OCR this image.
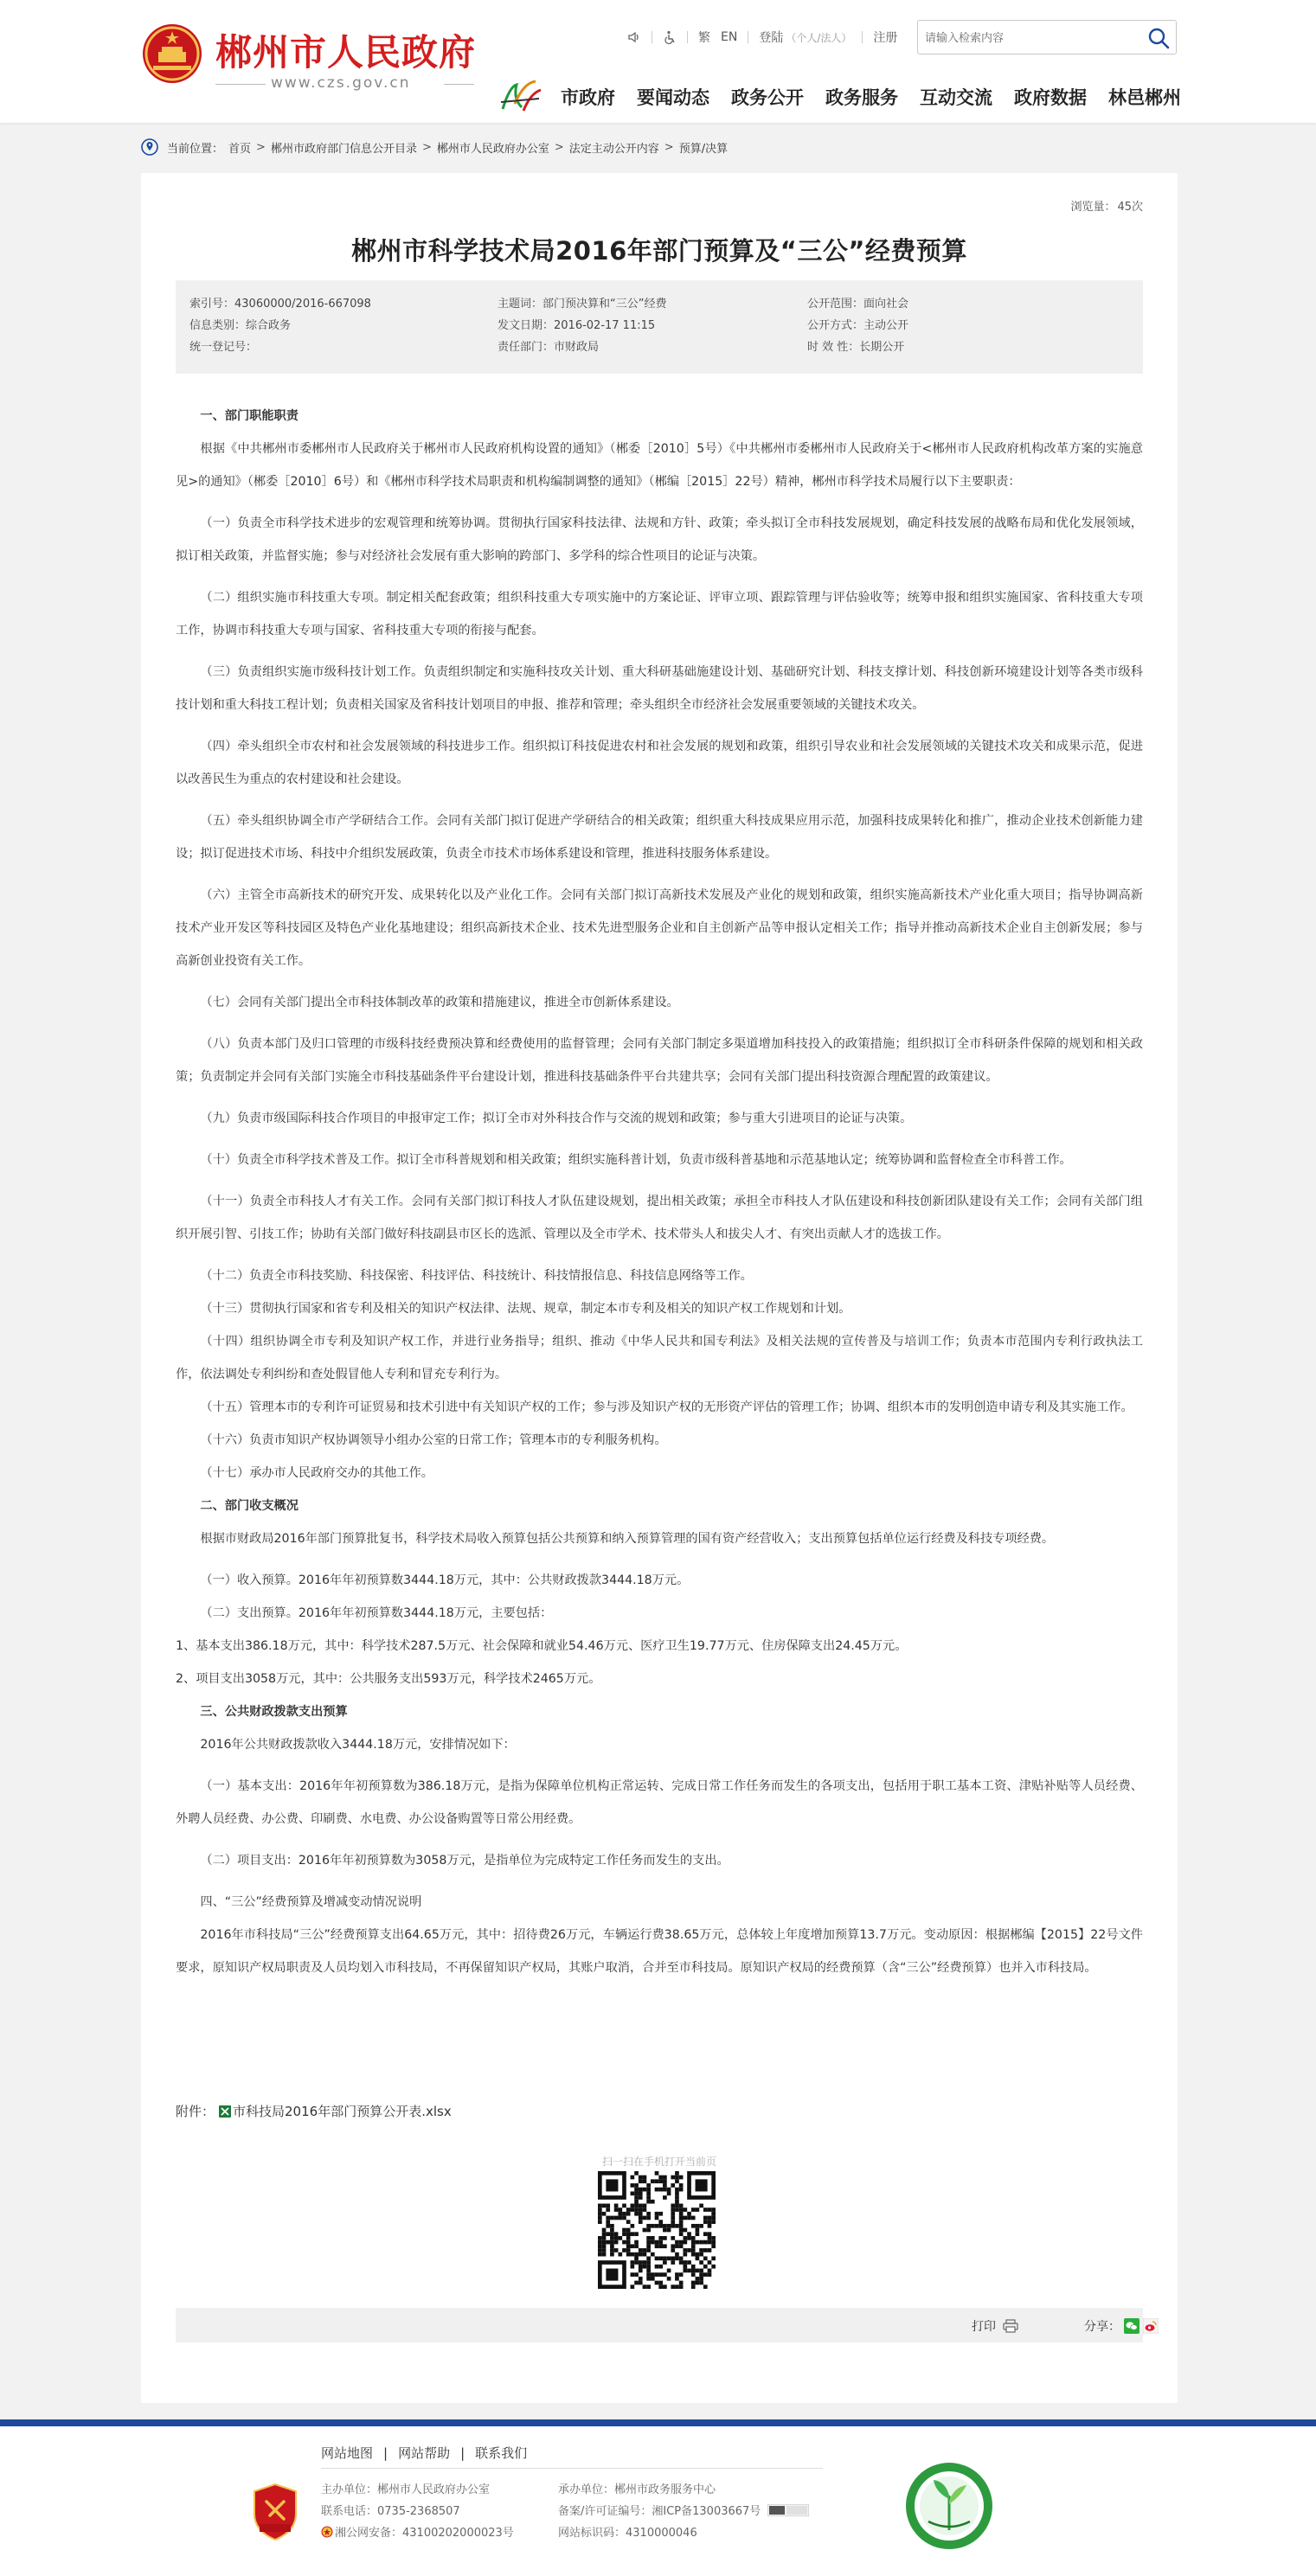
郴州市人民政府
www.czs.gov.cn
繁 EN 登陆 （个人/法人） 注册
请输入检索内容
市政府 要闻动态 政务公开 政务服务 互动交流 政府数据 林邑郴州
当前位置： 首页 > 郴州市政府部门信息公开目录 > 郴州市人民政府办公室 > 法定主动公开内容 > 预算/决算
浏览量： 45次
郴州市科学技术局2016年部门预算及“三公”经费预算
索引号：43060000/2016-667098
信息类别：综合政务
统一登记号：
主题词：部门预决算和“三公”经费
发文日期：2016-02-17 11:15
责任部门：市财政局
公开范围：面向社会
公开方式：主动公开
时 效 性：长期公开

一、部门职能职责

根据《中共郴州市委郴州市人民政府关于郴州市人民政府机构设置的通知》（郴委［2010］5号）《中共郴州市委郴州市人民政府关于<郴州市人民政府机构改革方案的实施意见>的通知》（郴委［2010］6号）和《郴州市科学技术局职责和机构编制调整的通知》（郴编［2015］22号）精神，郴州市科学技术局履行以下主要职责：

（一）负责全市科学技术进步的宏观管理和统筹协调。贯彻执行国家科技法律、法规和方针、政策；牵头拟订全市科技发展规划，确定科技发展的战略布局和优化发展领域，拟订相关政策，并监督实施；参与对经济社会发展有重大影响的跨部门、多学科的综合性项目的论证与决策。

（二）组织实施市科技重大专项。制定相关配套政策；组织科技重大专项实施中的方案论证、评审立项、跟踪管理与评估验收等；统筹申报和组织实施国家、省科技重大专项工作，协调市科技重大专项与国家、省科技重大专项的衔接与配套。

（三）负责组织实施市级科技计划工作。负责组织制定和实施科技攻关计划、重大科研基础施建设计划、基础研究计划、科技支撑计划、科技创新环境建设计划等各类市级科技计划和重大科技工程计划；负责相关国家及省科技计划项目的申报、推荐和管理；牵头组织全市经济社会发展重要领域的关键技术攻关。

（四）牵头组织全市农村和社会发展领域的科技进步工作。组织拟订科技促进农村和社会发展的规划和政策，组织引导农业和社会发展领域的关键技术攻关和成果示范，促进以改善民生为重点的农村建设和社会建设。

（五）牵头组织协调全市产学研结合工作。会同有关部门拟订促进产学研结合的相关政策；组织重大科技成果应用示范，加强科技成果转化和推广，推动企业技术创新能力建设；拟订促进技术市场、科技中介组织发展政策，负责全市技术市场体系建设和管理，推进科技服务体系建设。

（六）主管全市高新技术的研究开发、成果转化以及产业化工作。会同有关部门拟订高新技术发展及产业化的规划和政策，组织实施高新技术产业化重大项目；指导协调高新技术产业开发区等科技园区及特色产业化基地建设；组织高新技术企业、技术先进型服务企业和自主创新产品等申报认定相关工作；指导并推动高新技术企业自主创新发展；参与高新创业投资有关工作。

（七）会同有关部门提出全市科技体制改革的政策和措施建议，推进全市创新体系建设。

（八）负责本部门及归口管理的市级科技经费预决算和经费使用的监督管理；会同有关部门制定多渠道增加科技投入的政策措施；组织拟订全市科研条件保障的规划和相关政策；负责制定并会同有关部门实施全市科技基础条件平台建设计划，推进科技基础条件平台共建共享；会同有关部门提出科技资源合理配置的政策建议。

（九）负责市级国际科技合作项目的申报审定工作；拟订全市对外科技合作与交流的规划和政策；参与重大引进项目的论证与决策。

（十）负责全市科学技术普及工作。拟订全市科普规划和相关政策；组织实施科普计划，负责市级科普基地和示范基地认定；统筹协调和监督检查全市科普工作。

（十一）负责全市科技人才有关工作。会同有关部门拟订科技人才队伍建设规划，提出相关政策；承担全市科技人才队伍建设和科技创新团队建设有关工作；会同有关部门组织开展引智、引技工作；协助有关部门做好科技副县市区长的选派、管理以及全市学术、技术带头人和拔尖人才、有突出贡献人才的选拔工作。

（十二）负责全市科技奖励、科技保密、科技评估、科技统计、科技情报信息、科技信息网络等工作。

（十三）贯彻执行国家和省专利及相关的知识产权法律、法规、规章，制定本市专利及相关的知识产权工作规划和计划。

（十四）组织协调全市专利及知识产权工作，并进行业务指导；组织、推动《中华人民共和国专利法》及相关法规的宣传普及与培训工作；负责本市范围内专利行政执法工作，依法调处专利纠纷和查处假冒他人专利和冒充专利行为。

（十五）管理本市的专利许可证贸易和技术引进中有关知识产权的工作；参与涉及知识产权的无形资产评估的管理工作；协调、组织本市的发明创造申请专利及其实施工作。

（十六）负责市知识产权协调领导小组办公室的日常工作；管理本市的专利服务机构。

（十七）承办市人民政府交办的其他工作。

二、部门收支概况

根据市财政局2016年部门预算批复书，科学技术局收入预算包括公共预算和纳入预算管理的国有资产经营收入；支出预算包括单位运行经费及科技专项经费。

（一）收入预算。2016年年初预算数3444.18万元，其中：公共财政拨款3444.18万元。

（二）支出预算。2016年年初预算数3444.18万元，主要包括：

1、基本支出386.18万元，其中：科学技术287.5万元、社会保障和就业54.46万元、医疗卫生19.77万元、住房保障支出24.45万元。

2、项目支出3058万元，其中：公共服务支出593万元，科学技术2465万元。

三、公共财政拨款支出预算

2016年公共财政拨款收入3444.18万元，安排情况如下：

（一）基本支出：2016年年初预算数为386.18万元，是指为保障单位机构正常运转、完成日常工作任务而发生的各项支出，包括用于职工基本工资、津贴补贴等人员经费、外聘人员经费、办公费、印刷费、水电费、办公设备购置等日常公用经费。

（二）项目支出：2016年年初预算数为3058万元，是指单位为完成特定工作任务而发生的支出。

四、“三公”经费预算及增减变动情况说明

2016年市科技局“三公”经费预算支出64.65万元，其中：招待费26万元，车辆运行费38.65万元，总体较上年度增加预算13.7万元。变动原因：根据郴编【2015】22号文件要求，原知识产权局职责及人员均划入市科技局，不再保留知识产权局，其账户取消，合并至市科技局。原知识产权局的经费预算（含“三公”经费预算）也并入市科技局。

附件： 市科技局2016年部门预算公开表.xlsx
扫一扫在手机打开当前页
打印	分享：
网站地图 | 网站帮助 | 联系我们
主办单位：郴州市人民政府办公室
联系电话：0735-2368507
湘公网安备：43100202000023号
承办单位：郴州市政务服务中心
备案/许可证编号：湘ICP备13003667号
网站标识码：4310000046
